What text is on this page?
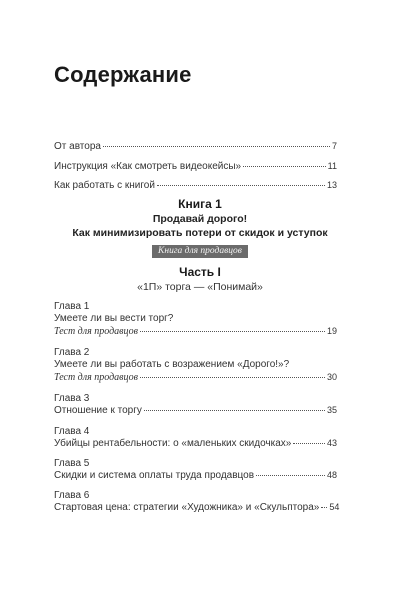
Содержание
От автора	7
Инструкция «Как смотреть видеокейсы»	11
Как работать с книгой	13
Книга 1
Продавай дорого!
Как минимизировать потери от скидок и уступок
Книга для продавцов
Часть I
«1П» торга — «Понимай»
Глава 1
Умеете ли вы вести торг?
Тест для продавцов	19
Глава 2
Умеете ли вы работать с возражением «Дорого!»?
Тест для продавцов	30
Глава 3
Отношение к торгу	35
Глава 4
Убийцы рентабельности: о «маленьких скидочках»	43
Глава 5
Скидки и система оплаты труда продавцов	48
Глава 6
Стартовая цена: стратегии «Художника» и «Скульптора» 54
